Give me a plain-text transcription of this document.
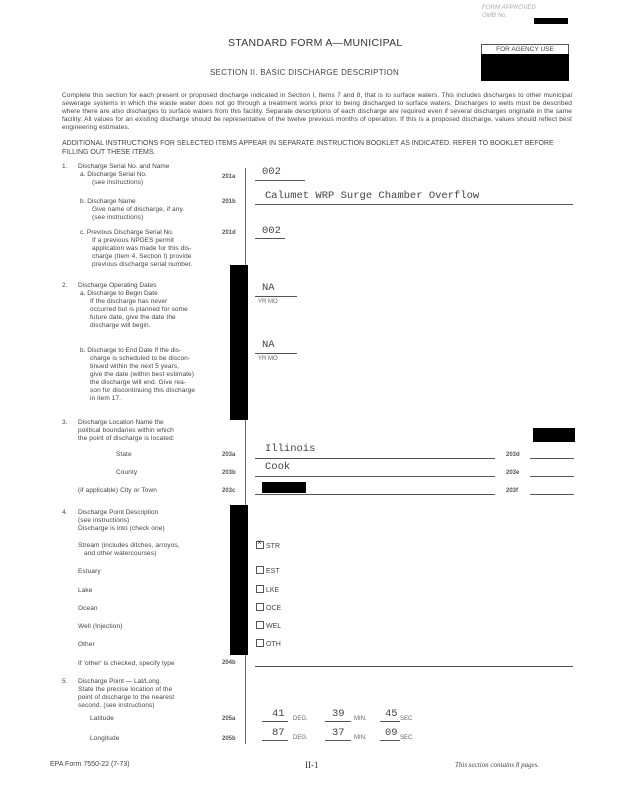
FORM APPROVED
OMB No.
STANDARD FORM A—MUNICIPAL
FOR AGENCY USE
SECTION II. BASIC DISCHARGE DESCRIPTION
Complete this section for each present or proposed discharge indicated in Section I, Items 7 and 8, that is to surface waters. This includes discharges to other municipal sewerage systems in which the waste water does not go through a treatment works prior to being discharged to surface waters. Discharges to wells must be described where there are also discharges to surface waters from this facility. Separate descriptions of each discharge are required even if several discharges originate in the same facility. All values for an existing discharge should be representative of the twelve previous months of operation. If this is a proposed discharge, values should reflect best engineering estimates.
ADDITIONAL INSTRUCTIONS FOR SELECTED ITEMS APPEAR IN SEPARATE INSTRUCTION BOOKLET AS INDICATED. REFER TO BOOKLET BEFORE FILLING OUT THESE ITEMS.
1. Discharge Serial No. and Name
a. Discharge Serial No.
(see instructions)
201a	002
b. Discharge Name
Give name of discharge, if any.
(see instructions)
201b	Calumet WRP Surge Chamber Overflow
c. Previous Discharge Serial No.
If a previous NPDES permit
application was made for this dis-
charge (Item 4, Section I) provide
previous discharge serial number.
201d	002
2. Discharge Operating Dates
a. Discharge to Begin Date
If the discharge has never
occurred but is planned for some
future date, give the date the
discharge will begin.
NA
YR MO
b. Discharge to End Date If the dis-
charge is scheduled to be discon-
tinued within the next 5 years,
give the date (within best estimate)
the discharge will end. Give rea-
son for discontinuing this discharge
in item 17.
NA
YR MO
3. Discharge Location Name the
political boundaries within which
the point of discharge is located:
State	203a	Illinois	203d
County	203b	Cook	203e
(if applicable) City or Town	203c	203f
4. Discharge Point Description
(see instructions)
Discharge is into (check one)
Stream (includes ditches, arroyos,
and other watercourses)
×STR
Estuary	EST
Lake	LKE
Ocean	OCE
Well (Injection)	WEL
Other	OTH
If 'other' is checked, specify type	204b
5. Discharge Point — Lat/Long.
State the precise location of the
point of discharge to the nearest
second. (see instructions)
Latitude	205a	41 DEG. 39 MIN. 45 SEC
Longitude	205b	87 DEG. 37 MIN. 09 SEC
EPA Form 7550-22 (7-73)	II-1	This section contains 8 pages.
